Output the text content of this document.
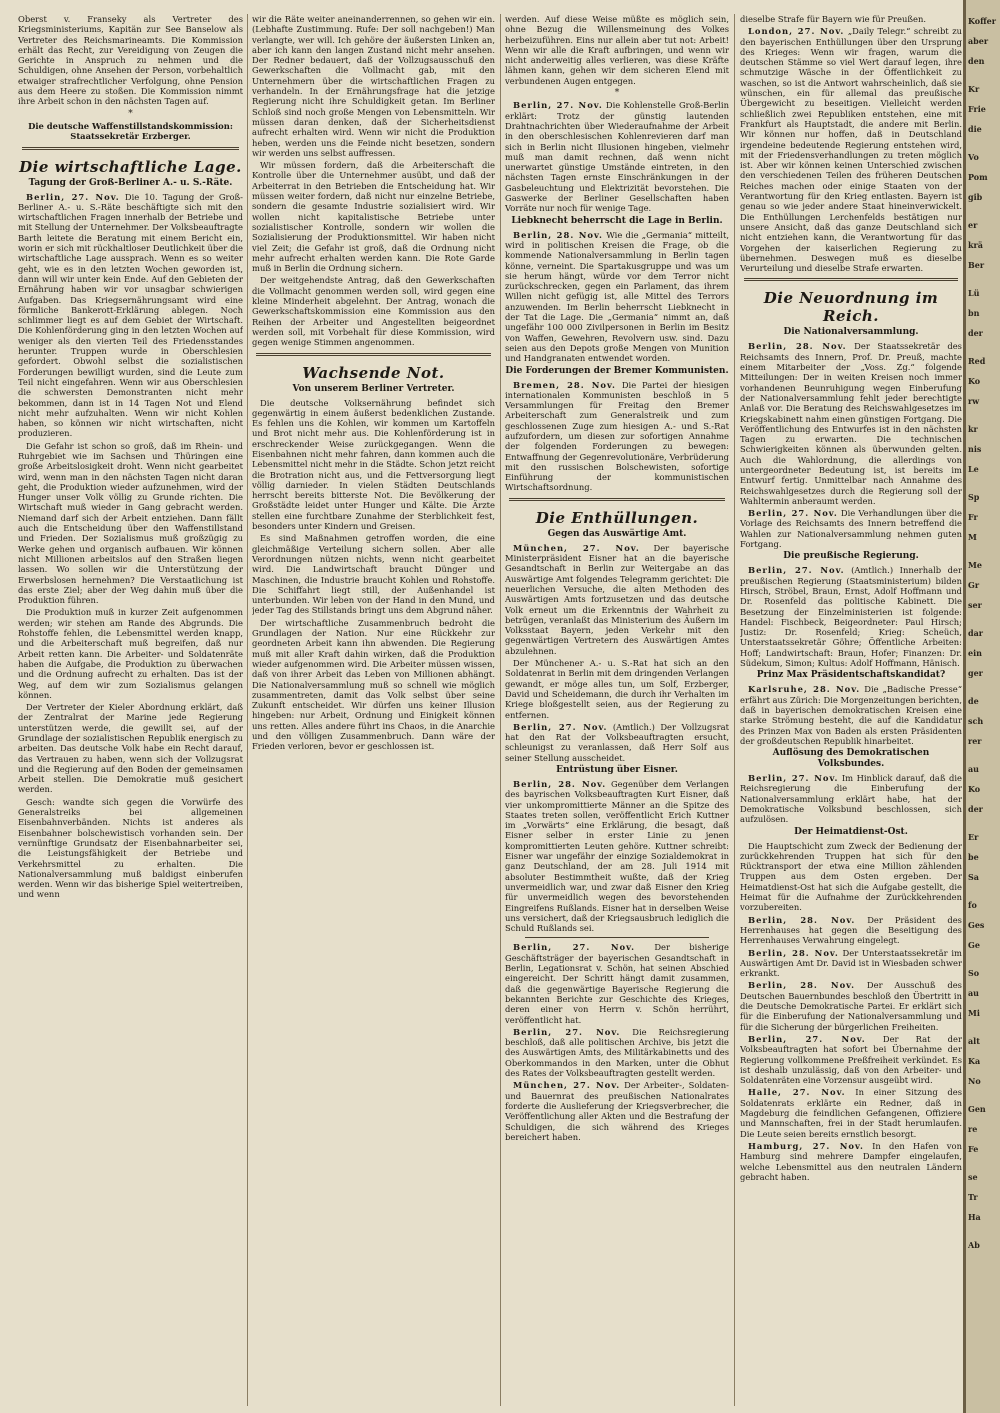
Oberst v. Franseky als Vertreter des Kriegsministeriums, Kapitän zur See Banselow als Vertreter des Reichsmarineamts. Die Kommission erhält das Recht, zur Vereidigung von Zeugen die Gerichte in Anspruch zu nehmen und die Schuldigen, ohne Ansehen der Person, vorbehaltlich etwaiger strafrechtlicher Verfolgung, ohne Pension aus dem Heere zu stoßen. Die Kommission nimmt ihre Arbeit schon in den nächsten Tagen auf.

*

Die deutsche Waffenstillstandskommission: Staatssekretär Erzberger.

Die wirtschaftliche Lage.
Tagung der Groß-Berliner A.- u. S.-Räte.

Berlin, 27. Nov. Die 10. Tagung der Groß-Berliner A.- u. S.-Räte beschäftigte sich mit den wirtschaftlichen Fragen innerhalb der Betriebe und mit Stellung der Unternehmer. Der Volksbeauftragte Barth leitete die Beratung mit einem Bericht ein, worin er sich mit rückhaltloser Deutlichkeit über die wirtschaftliche Lage aussprach. Wenn es so weiter geht, wie es in den letzten Wochen geworden ist, dann will wir unter kein Ende. Auf den Gebieten der Ernährung haben wir vor unsagbar schwierigen Aufgaben. Das Kriegsernährungsamt wird eine förmliche Bankerott-Erklärung ablegen. Noch schlimmer liegt es auf dem Gebiet der Wirtschaft. Die Kohlenförderung ging in den letzten Wochen auf weniger als den vierten Teil des Friedensstandes herunter. Truppen wurde in Oberschlesien gefordert. Obwohl selbst die sozialistischen Forderungen bewilligt wurden, sind die Leute zum Teil nicht eingefahren. Wenn wir aus Oberschlesien die schwersten Demonstranten nicht mehr bekommen, dann ist in 14 Tagen Not und Elend nicht mehr aufzuhalten. Wenn wir nicht Kohlen haben, so können wir nicht wirtschaften, nicht produzieren.

Die Gefahr ist schon so groß, daß im Rhein- und Ruhrgebiet wie im Sachsen und Thüringen eine große Arbeitslosigkeit droht. Wenn nicht gearbeitet wird, wenn man in den nächsten Tagen nicht daran geht, die Produktion wieder aufzunehmen, wird der Hunger unser Volk völlig zu Grunde richten. Die Wirtschaft muß wieder in Gang gebracht werden. Niemand darf sich der Arbeit entziehen. Dann fällt auch die Entscheidung über den Waffenstillstand und Frieden. Der Sozialismus muß großzügig zu Werke gehen und organisch aufbauen. Wir können nicht Millionen arbeitslos auf den Straßen liegen lassen. Wo sollen wir die Unterstützung der Erwerbslosen hernehmen? Die Verstaatlichung ist das erste Ziel; aber der Weg dahin muß über die Produktion führen.

Die Produktion muß in kurzer Zeit aufgenommen werden; wir stehen am Rande des Abgrunds. Die Rohstoffe fehlen, die Lebensmittel werden knapp, und die Arbeiterschaft muß begreifen, daß nur Arbeit retten kann. Die Arbeiter- und Soldatenräte haben die Aufgabe, die Produktion zu überwachen und die Ordnung aufrecht zu erhalten. Das ist der Weg, auf dem wir zum Sozialismus gelangen können.

Der Vertreter der Kieler Abordnung erklärt, daß der Zentralrat der Marine jede Regierung unterstützen werde, die gewillt sei, auf der Grundlage der sozialistischen Republik energisch zu arbeiten. Das deutsche Volk habe ein Recht darauf, das Vertrauen zu haben, wenn sich der Vollzugsrat und die Regierung auf den Boden der gemeinsamen Arbeit stellen. Die Demokratie muß gesichert werden.

Gesch: wandte sich gegen die Vorwürfe des Generalstreiks bei allgemeinen Eisenbahnverbänden. Nichts ist anderes als Eisenbahner bolschewistisch vorhanden sein. Der vernünftige Grundsatz der Eisenbahnarbeiter sei, die Leistungsfähigkeit der Betriebe und Verkehrsmittel zu erhalten. Die Nationalversammlung muß baldigst einberufen werden. Wenn wir das bisherige Spiel weitertreiben, und wenn

wir die Räte weiter aneinanderrennen, so gehen wir ein. (Lebhafte Zustimmung. Rufe: Der soll nachgeben!) Man verlangte, wer will. Ich gehöre der äußersten Linken an, aber ich kann den langen Zustand nicht mehr ansehen. Der Redner bedauert, daß der Vollzugsausschuß den Gewerkschaften die Vollmacht gab, mit den Unternehmern über die wirtschaftlichen Fragen zu verhandeln. In der Ernährungsfrage hat die jetzige Regierung nicht ihre Schuldigkeit getan. Im Berliner Schloß sind noch große Mengen von Lebensmitteln. Wir müssen daran denken, daß der Sicherheitsdienst aufrecht erhalten wird. Wenn wir nicht die Produktion heben, werden uns die Feinde nicht besetzen, sondern wir werden uns selbst auffressen.

Wir müssen fordern, daß die Arbeiterschaft die Kontrolle über die Unternehmer ausübt, und daß der Arbeiterrat in den Betrieben die Entscheidung hat. Wir müssen weiter fordern, daß nicht nur einzelne Betriebe, sondern die gesamte Industrie sozialisiert wird. Wir wollen nicht kapitalistische Betriebe unter sozialistischer Kontrolle, sondern wir wollen die Sozialisierung der Produktionsmittel. Wir haben nicht viel Zeit; die Gefahr ist groß, daß die Ordnung nicht mehr aufrecht erhalten werden kann. Die Rote Garde muß in Berlin die Ordnung sichern.

Der weitgehendste Antrag, daß den Gewerkschaften die Vollmacht genommen werden soll, wird gegen eine kleine Minderheit abgelehnt. Der Antrag, wonach die Gewerkschaftskommission eine Kommission aus den Reihen der Arbeiter und Angestellten beigeordnet werden soll, mit Vorbehalt für diese Kommission, wird gegen wenige Stimmen angenommen.

Wachsende Not.
Von unserem Berliner Vertreter.

Die deutsche Volksernährung befindet sich gegenwärtig in einem äußerst bedenklichen Zustande. Es fehlen uns die Kohlen, wir kommen um Kartoffeln und Brot nicht mehr aus. Die Kohlenförderung ist in erschreckender Weise zurückgegangen. Wenn die Eisenbahnen nicht mehr fahren, dann kommen auch die Lebensmittel nicht mehr in die Städte. Schon jetzt reicht die Brotration nicht aus, und die Fettversorgung liegt völlig darnieder. In vielen Städten Deutschlands herrscht bereits bitterste Not. Die Bevölkerung der Großstädte leidet unter Hunger und Kälte. Die Ärzte stellen eine furchtbare Zunahme der Sterblichkeit fest, besonders unter Kindern und Greisen.

Es sind Maßnahmen getroffen worden, die eine gleichmäßige Verteilung sichern sollen. Aber alle Verordnungen nützen nichts, wenn nicht gearbeitet wird. Die Landwirtschaft braucht Dünger und Maschinen, die Industrie braucht Kohlen und Rohstoffe. Die Schiffahrt liegt still, der Außenhandel ist unterbunden. Wir leben von der Hand in den Mund, und jeder Tag des Stillstands bringt uns dem Abgrund näher.

Der wirtschaftliche Zusammenbruch bedroht die Grundlagen der Nation. Nur eine Rückkehr zur geordneten Arbeit kann ihn abwenden. Die Regierung muß mit aller Kraft dahin wirken, daß die Produktion wieder aufgenommen wird. Die Arbeiter müssen wissen, daß von ihrer Arbeit das Leben von Millionen abhängt. Die Nationalversammlung muß so schnell wie möglich zusammentreten, damit das Volk selbst über seine Zukunft entscheidet. Wir dürfen uns keiner Illusion hingeben: nur Arbeit, Ordnung und Einigkeit können uns retten. Alles andere führt ins Chaos, in die Anarchie und den völligen Zusammenbruch. Dann wäre der Frieden verloren, bevor er geschlossen ist.

werden. Auf diese Weise müßte es möglich sein, ohne Bezug die Willensmeinung des Volkes herbeizuführen. Eins nur allein aber tut not: Arbeit! Wenn wir alle die Kraft aufbringen, und wenn wir nicht anderweitig alles verlieren, was diese Kräfte lähmen kann, gehen wir dem sicheren Elend mit verbundenen Augen entgegen.

*

Berlin, 27. Nov. Die Kohlenstelle Groß-Berlin erklärt: Trotz der günstig lautenden Drahtnachrichten über Wiederaufnahme der Arbeit in den oberschlesischen Kohlenrevieren darf man sich in Berlin nicht Illusionen hingeben, vielmehr muß man damit rechnen, daß wenn nicht unerwartet günstige Umstände eintreten, in den nächsten Tagen ernste Einschränkungen in der Gasbeleuchtung und Elektrizität bevorstehen. Die Gaswerke der Berliner Gesellschaften haben Vorräte nur noch für wenige Tage.

Liebknecht beherrscht die Lage in Berlin.

Berlin, 28. Nov. Wie die „Germania“ mitteilt, wird in politischen Kreisen die Frage, ob die kommende Nationalversammlung in Berlin tagen könne, verneint. Die Spartakusgruppe und was um sie herum hängt, würde vor dem Terror nicht zurückschrecken, gegen ein Parlament, das ihrem Willen nicht gefügig ist, alle Mittel des Terrors anzuwenden. Im Berlin beherrscht Liebknecht in der Tat die Lage. Die „Germania“ nimmt an, daß ungefähr 100 000 Zivilpersonen in Berlin im Besitz von Waffen, Gewehren, Revolvern usw. sind. Dazu seien aus den Depots große Mengen von Munition und Handgranaten entwendet worden.

Die Forderungen der Bremer Kommunisten.

Bremen, 28. Nov. Die Partei der hiesigen internationalen Kommunisten beschloß in 5 Versammlungen für Freitag den Bremer Arbeiterschaft zum Generalstreik und zum geschlossenen Zuge zum hiesigen A.- und S.-Rat aufzufordern, um diesen zur sofortigen Annahme der folgenden Forderungen zu bewegen: Entwaffnung der Gegenrevolutionäre, Verbrüderung mit den russischen Bolschewisten, sofortige Einführung der kommunistischen Wirtschaftsordnung.

Die Enthüllungen.
Gegen das Auswärtige Amt.

München, 27. Nov. Der bayerische Ministerpräsident Eisner hat an die bayerische Gesandtschaft in Berlin zur Weitergabe an das Auswärtige Amt folgendes Telegramm gerichtet: Die neuerlichen Versuche, die alten Methoden des Auswärtigen Amts fortzusetzen und das deutsche Volk erneut um die Erkenntnis der Wahrheit zu betrügen, veranlaßt das Ministerium des Äußern im Volksstaat Bayern, jeden Verkehr mit den gegenwärtigen Vertretern des Auswärtigen Amtes abzulehnen.

Der Münchener A.- u. S.-Rat hat sich an den Soldatenrat in Berlin mit dem dringenden Verlangen gewandt, er möge alles tun, um Solf, Erzberger, David und Scheidemann, die durch ihr Verhalten im Kriege bloßgestellt seien, aus der Regierung zu entfernen.

Berlin, 27. Nov. (Amtlich.) Der Vollzugsrat hat den Rat der Volksbeauftragten ersucht, schleunigst zu veranlassen, daß Herr Solf aus seiner Stellung ausscheidet.

Entrüstung über Eisner.

Berlin, 28. Nov. Gegenüber dem Verlangen des bayrischen Volksbeauftragten Kurt Eisner, daß vier unkompromittierte Männer an die Spitze des Staates treten sollen, veröffentlicht Erich Kuttner im „Vorwärts“ eine Erklärung, die besagt, daß Eisner selber in erster Linie zu jenen kompromittierten Leuten gehöre. Kuttner schreibt: Eisner war ungefähr der einzige Sozialdemokrat in ganz Deutschland, der am 28. Juli 1914 mit absoluter Bestimmtheit wußte, daß der Krieg unvermeidlich war, und zwar daß Eisner den Krieg für unvermeidlich wegen des bevorstehenden Eingreifens Rußlands. Eisner hat in derselben Weise uns versichert, daß der Kriegsausbruch lediglich die Schuld Rußlands sei.

Berlin, 27. Nov. Der bisherige Geschäftsträger der bayerischen Gesandtschaft in Berlin, Legationsrat v. Schön, hat seinen Abschied eingereicht. Der Schritt hängt damit zusammen, daß die gegenwärtige Bayerische Regierung die bekannten Berichte zur Geschichte des Krieges, deren einer von Herrn v. Schön herrührt, veröffentlicht hat.

Berlin, 27. Nov. Die Reichsregierung beschloß, daß alle politischen Archive, bis jetzt die des Auswärtigen Amts, des Militärkabinetts und des Oberkommandos in den Marken, unter die Obhut des Rates der Volksbeauftragten gestellt werden.

München, 27. Nov. Der Arbeiter-, Soldaten- und Bauernrat des preußischen Nationalrates forderte die Auslieferung der Kriegsverbrecher, die Veröffentlichung aller Akten und die Bestrafung der Schuldigen, die sich während des Krieges bereichert haben.

dieselbe Strafe für Bayern wie für Preußen.

London, 27. Nov. „Daily Telegr.“ schreibt zu den bayerischen Enthüllungen über den Ursprung des Krieges: Wenn wir fragen, warum die deutschen Stämme so viel Wert darauf legen, ihre schmutzige Wäsche in der Öffentlichkeit zu waschen, so ist die Antwort wahrscheinlich, daß sie wünschen, ein für allemal das preußische Übergewicht zu beseitigen. Vielleicht werden schließlich zwei Republiken entstehen, eine mit Frankfurt als Hauptstadt, die andere mit Berlin. Wir können nur hoffen, daß in Deutschland irgendeine bedeutende Regierung entstehen wird, mit der Friedensverhandlungen zu treten möglich ist. Aber wir können keinen Unterschied zwischen den verschiedenen Teilen des früheren Deutschen Reiches machen oder einige Staaten von der Verantwortung für den Krieg entlasten. Bayern ist genau so wie jeder andere Staat hineinverwickelt. Die Enthüllungen Lerchenfelds bestätigen nur unsere Ansicht, daß das ganze Deutschland sich nicht entziehen kann, die Verantwortung für das Vorgehen der kaiserlichen Regierung zu übernehmen. Deswegen muß es dieselbe Verurteilung und dieselbe Strafe erwarten.

Die Neuordnung im Reich.
Die Nationalversammlung.

Berlin, 28. Nov. Der Staatssekretär des Reichsamts des Innern, Prof. Dr. Preuß, machte einem Mitarbeiter der „Voss. Zg.“ folgende Mitteilungen: Der in weiten Kreisen noch immer vorhandenen Beunruhigung wegen Einberufung der Nationalversammlung fehlt jeder berechtigte Anlaß vor. Die Beratung des Reichswahlgesetzes im Kriegskabinett nahm einen günstigen Fortgang. Die Veröffentlichung des Entwurfes ist in den nächsten Tagen zu erwarten. Die technischen Schwierigkeiten können als überwunden gelten. Auch die Wahlordnung, die allerdings von untergeordneter Bedeutung ist, ist bereits im Entwurf fertig. Unmittelbar nach Annahme des Reichswahlgesetzes durch die Regierung soll der Wahltermin anberaumt werden.

Berlin, 27. Nov. Die Verhandlungen über die Vorlage des Reichsamts des Innern betreffend die Wahlen zur Nationalversammlung nehmen guten Fortgang.

Die preußische Regierung.

Berlin, 27. Nov. (Amtlich.) Innerhalb der preußischen Regierung (Staatsministerium) bilden Hirsch, Ströbel, Braun, Ernst, Adolf Hoffmann und Dr. Rosenfeld das politische Kabinett. Die Besetzung der Einzelministerien ist folgende: Handel: Fischbeck, Beigeordneter: Paul Hirsch; Justiz: Dr. Rosenfeld; Krieg: Scheüch, Unterstaatssekretär Göhre; Öffentliche Arbeiten: Hoff; Landwirtschaft: Braun, Hofer; Finanzen: Dr. Südekum, Simon; Kultus: Adolf Hoffmann, Hänisch.

Prinz Max Präsidentschaftskandidat?

Karlsruhe, 28. Nov. Die „Badische Presse“ erfährt aus Zürich: Die Morgenzeitungen berichten, daß in bayerischen demokratischen Kreisen eine starke Strömung besteht, die auf die Kandidatur des Prinzen Max von Baden als ersten Präsidenten der großdeutschen Republik hinarbeitet.

Auflösung des Demokratischen Volksbundes.

Berlin, 27. Nov. Im Hinblick darauf, daß die Reichsregierung die Einberufung der Nationalversammlung erklärt habe, hat der Demokratische Volksbund beschlossen, sich aufzulösen.

Der Heimatdienst-Ost.

Die Hauptschicht zum Zweck der Bedienung der zurückkehrenden Truppen hat sich für den Rücktransport der etwa eine Million zählenden Truppen aus dem Osten ergeben. Der Heimatdienst-Ost hat sich die Aufgabe gestellt, die Heimat für die Aufnahme der Zurückkehrenden vorzubereiten.

Berlin, 28. Nov. Der Präsident des Herrenhauses hat gegen die Beseitigung des Herrenhauses Verwahrung eingelegt.

Berlin, 28. Nov. Der Unterstaatssekretär im Auswärtigen Amt Dr. David ist in Wiesbaden schwer erkrankt.

Berlin, 28. Nov. Der Ausschuß des Deutschen Bauernbundes beschloß den Übertritt in die Deutsche Demokratische Partei. Er erklärt sich für die Einberufung der Nationalversammlung und für die Sicherung der bürgerlichen Freiheiten.

Berlin, 27. Nov. Der Rat der Volksbeauftragten hat sofort bei Übernahme der Regierung vollkommene Preßfreiheit verkündet. Es ist deshalb unzulässig, daß von den Arbeiter- und Soldatenräten eine Vorzensur ausgeübt wird.

Halle, 27. Nov. In einer Sitzung des Soldatenrats erklärte ein Redner, daß in Magdeburg die feindlichen Gefangenen, Offiziere und Mannschaften, frei in der Stadt herumlaufen. Die Leute seien bereits ernstlich besorgt.

Hamburg, 27. Nov. In den Hafen von Hamburg sind mehrere Dampfer eingelaufen, welche Lebensmittel aus den neutralen Ländern gebracht haben.

Koffer

aber

den

Kr

Frie

die

Vo

Pom

gib

er

krä

Ber

Lü

bn

der

Red

Ko

rw

kr

nis

Le

Sp

Fr

M

Me

Gr

ser

dar

ein

ger

de

sch

rer

au

Ko

der

Er

be

Sa

fo

Ges

Ge

So

au

Mi

alt

Ka

No

Gen

re

Fe

se

Tr

Ha

Ab
